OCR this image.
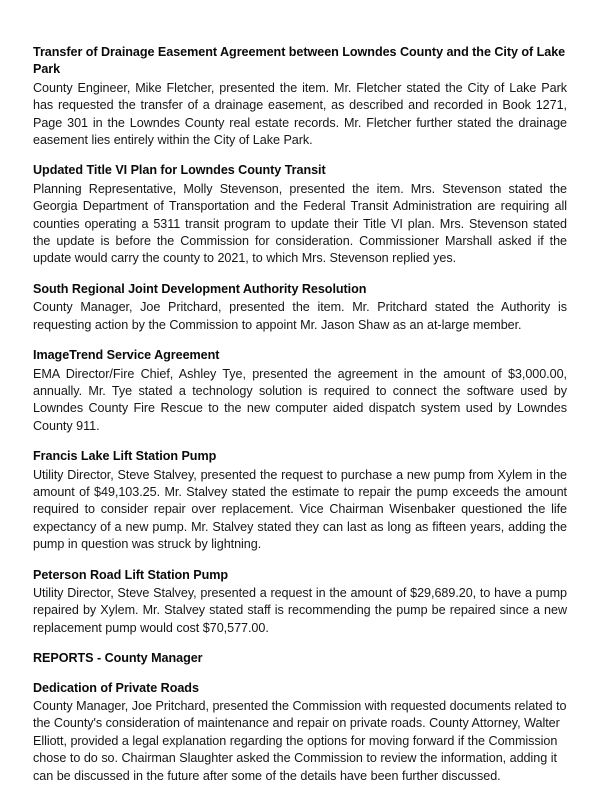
Transfer of Drainage Easement Agreement between Lowndes County and the City of Lake Park

County Engineer, Mike Fletcher, presented the item. Mr. Fletcher stated the City of Lake Park has requested the transfer of a drainage easement, as described and recorded in Book 1271, Page 301 in the Lowndes County real estate records. Mr. Fletcher further stated the drainage easement lies entirely within the City of Lake Park.

Updated Title VI Plan for Lowndes County Transit

Planning Representative, Molly Stevenson, presented the item. Mrs. Stevenson stated the Georgia Department of Transportation and the Federal Transit Administration are requiring all counties operating a 5311 transit program to update their Title VI plan. Mrs. Stevenson stated the update is before the Commission for consideration. Commissioner Marshall asked if the update would carry the county to 2021, to which Mrs. Stevenson replied yes.

South Regional Joint Development Authority Resolution

County Manager, Joe Pritchard, presented the item. Mr. Pritchard stated the Authority is requesting action by the Commission to appoint Mr. Jason Shaw as an at-large member.

ImageTrend Service Agreement

EMA Director/Fire Chief, Ashley Tye, presented the agreement in the amount of $3,000.00, annually. Mr. Tye stated a technology solution is required to connect the software used by Lowndes County Fire Rescue to the new computer aided dispatch system used by Lowndes County 911.

Francis Lake Lift Station Pump

Utility Director, Steve Stalvey, presented the request to purchase a new pump from Xylem in the amount of $49,103.25. Mr. Stalvey stated the estimate to repair the pump exceeds the amount required to consider repair over replacement. Vice Chairman Wisenbaker questioned the life expectancy of a new pump. Mr. Stalvey stated they can last as long as fifteen years, adding the pump in question was struck by lightning.

Peterson Road Lift Station Pump

Utility Director, Steve Stalvey, presented a request in the amount of $29,689.20, to have a pump repaired by Xylem. Mr. Stalvey stated staff is recommending the pump be repaired since a new replacement pump would cost $70,577.00.

REPORTS - County Manager
Dedication of Private Roads

County Manager, Joe Pritchard, presented the Commission with requested documents related to the County's consideration of maintenance and repair on private roads. County Attorney, Walter Elliott, provided a legal explanation regarding the options for moving forward if the Commission chose to do so. Chairman Slaughter asked the Commission to review the information, adding it can be discussed in the future after some of the details have been further discussed.
